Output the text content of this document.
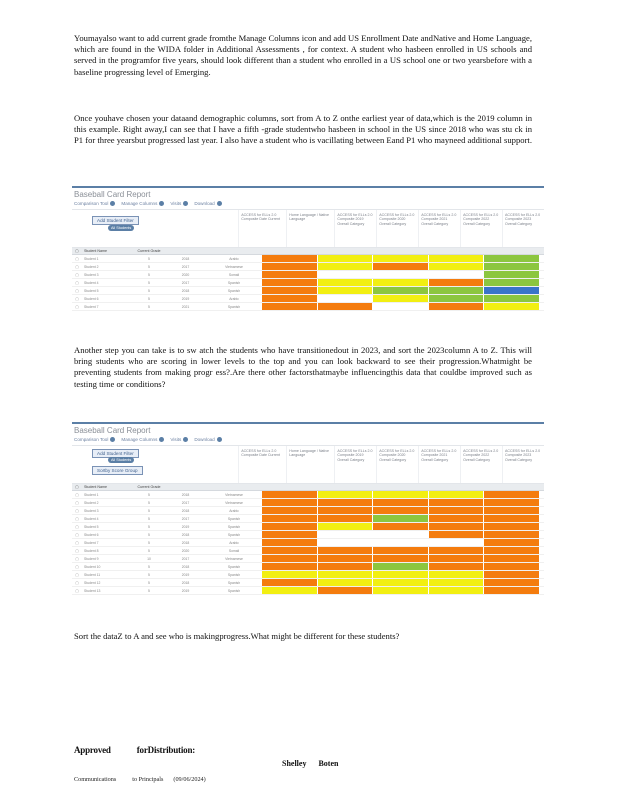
Youmayalso want to add current grade fromthe Manage Columns icon and add US Enrollment Date andNative and Home Language, which are found in the WIDA folder in Additional Assessments , for context. A student who hasbeen enrolled in US schools and served in the programfor five years, should look different than a student who enrolled in a US school one or two yearsbefore with a baseline progressing level of Emerging.
Once youhave chosen your dataand demographic columns, sort from A to Z onthe earliest year of data,which is the 2019 column in this example. Right away,I can see that I have a fifth -grade studentwho hasbeen in school in the US since 2018 who was stu ck in P1 for three yearsbut progressed last year. I also have a student who is vacillating between Eand P1 who mayneed additional support.
Baseball Card Report
Comparison Tool	Manage Columns	Visits	Download
Add Student Filter
All Students
ACCESS for ELLs 2.0 Composite Date Current
Home Language / Native Language
ACCESS for ELLs 2.0 Composite 2019 Overall Category
ACCESS for ELLs 2.0 Composite 2020 Overall Category
ACCESS for ELLs 2.0 Composite 2021 Overall Category
ACCESS for ELLs 2.0 Composite 2022 Overall Category
ACCESS for ELLs 2.0 Composite 2023 Overall Category
▢	Student Name	Current Grade
▢	Student 1	5	2018	Arabic
▢	Student 2	5	2017	Vietnamese
▢	Student 3	5	2020	Somali
▢	Student 4	5	2017	Spanish
▢	Student 5	5	2018	Spanish
▢	Student 6	5	2019	Arabic
▢	Student 7	5	2021	Spanish
Another step you can take is to sw atch the students who have transitionedout in 2023, and sort the 2023column A to Z. This will bring students who are scoring in lower levels to the top and you can look backward to see their progression.Whatmight be preventing students from making progr ess?.Are there other factorsthatmaybe influencingthis data that couldbe improved such as testing time or conditions?
Baseball Card Report
Comparison Tool	Manage Columns	Visits	Download
Add Student Filter
All Students
Sortby Score Group
ACCESS for ELLs 2.0 Composite Date Current
Home Language / Native Language
ACCESS for ELLs 2.0 Composite 2019 Overall Category
ACCESS for ELLs 2.0 Composite 2020 Overall Category
ACCESS for ELLs 2.0 Composite 2021 Overall Category
ACCESS for ELLs 2.0 Composite 2022 Overall Category
ACCESS for ELLs 2.0 Composite 2023 Overall Category
▢	Student Name	Current Grade
▢	Student 1	5	2018	Vietnamese
▢	Student 2	5	2017	Vietnamese
▢	Student 3	5	2018	Arabic
▢	Student 4	5	2017	Spanish
▢	Student 5	5	2019	Spanish
▢	Student 6	5	2018	Spanish
▢	Student 7	5	2018	Arabic
▢	Student 8	5	2020	Somali
▢	Student 9	10	2017	Vietnamese
▢	Student 10	5	2018	Spanish
▢	Student 11	5	2019	Spanish
▢	Student 12	5	2018	Spanish
▢	Student 13	5	2019	Spanish
Sort the dataZ to A and see who is makingprogress.What might be different for these students?
Approved	forDistribution:
Shelley Boten
Communications	to Principals (09/06/2024)
